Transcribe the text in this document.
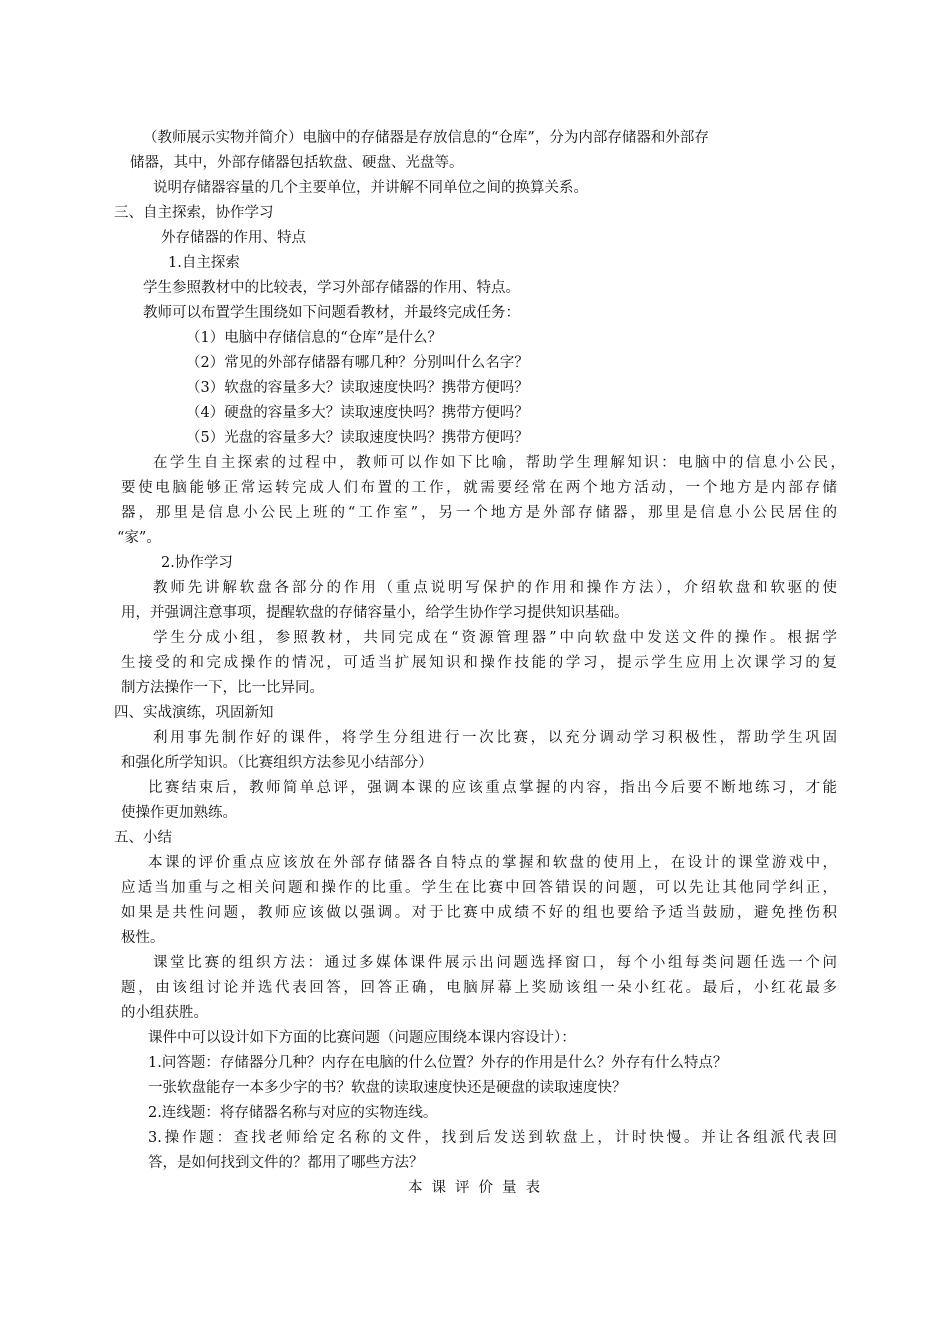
（教师展示实物并简介）电脑中的存储器是存放信息的“仓库”，分为内部存储器和外部存
储器，其中，外部存储器包括软盘、硬盘、光盘等。
说明存储器容量的几个主要单位，并讲解不同单位之间的换算关系。
三、自主探索，协作学习
外存储器的作用、特点
1.自主探索
学生参照教材中的比较表，学习外部存储器的作用、特点。
教师可以布置学生围绕如下问题看教材，并最终完成任务：
（1）电脑中存储信息的“仓库”是什么？
（2）常见的外部存储器有哪几种？分别叫什么名字？
（3）软盘的容量多大？读取速度快吗？携带方便吗？
（4）硬盘的容量多大？读取速度快吗？携带方便吗？
（5）光盘的容量多大？读取速度快吗？携带方便吗？
在学生自主探索的过程中，教师可以作如下比喻，帮助学生理解知识：电脑中的信息小公民，
要使电脑能够正常运转完成人们布置的工作，就需要经常在两个地方活动，一个地方是内部存储
器，那里是信息小公民上班的“工作室”，另一个地方是外部存储器，那里是信息小公民居住的
“家”。
2.协作学习
教师先讲解软盘各部分的作用（重点说明写保护的作用和操作方法），介绍软盘和软驱的使
用，并强调注意事项，提醒软盘的存储容量小，给学生协作学习提供知识基础。
学生分成小组，参照教材，共同完成在“资源管理器”中向软盘中发送文件的操作。根据学
生接受的和完成操作的情况，可适当扩展知识和操作技能的学习，提示学生应用上次课学习的复
制方法操作一下，比一比异同。
四、实战演练，巩固新知
利用事先制作好的课件，将学生分组进行一次比赛，以充分调动学习积极性，帮助学生巩固
和强化所学知识。（比赛组织方法参见小结部分）
比赛结束后，教师简单总评，强调本课的应该重点掌握的内容，指出今后要不断地练习，才能
使操作更加熟练。
五、小结
本课的评价重点应该放在外部存储器各自特点的掌握和软盘的使用上，在设计的课堂游戏中，
应适当加重与之相关问题和操作的比重。学生在比赛中回答错误的问题，可以先让其他同学纠正，
如果是共性问题，教师应该做以强调。对于比赛中成绩不好的组也要给予适当鼓励，避免挫伤积
极性。
课堂比赛的组织方法：通过多媒体课件展示出问题选择窗口，每个小组每类问题任选一个问
题，由该组讨论并选代表回答，回答正确，电脑屏幕上奖励该组一朵小红花。最后，小红花最多
的小组获胜。
课件中可以设计如下方面的比赛问题（问题应围绕本课内容设计）：
1.问答题：存储器分几种？内存在电脑的什么位置？外存的作用是什么？外存有什么特点？
一张软盘能存一本多少字的书？软盘的读取速度快还是硬盘的读取速度快？
2.连线题：将存储器名称与对应的实物连线。
3.操作题：查找老师给定名称的文件，找到后发送到软盘上，计时快慢。并让各组派代表回
答，是如何找到文件的？都用了哪些方法？
本课评价量表
